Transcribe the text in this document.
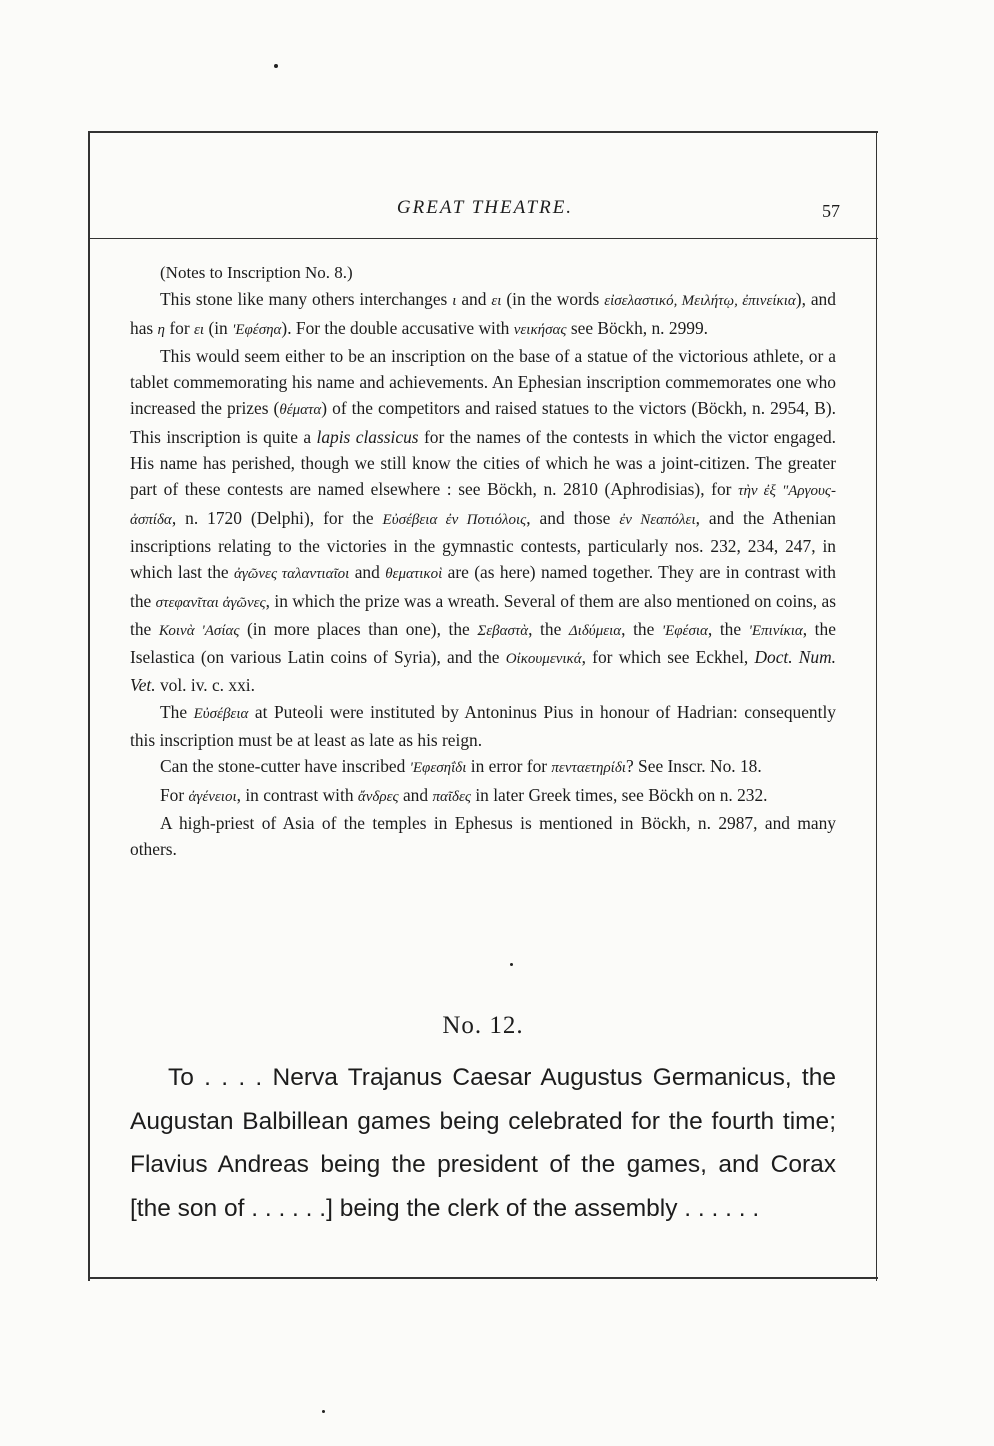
GREAT THEATRE.	57

(Notes to Inscription No. 8.)

This stone like many others interchanges ι and ει (in the words εἰσελαστικό, Μειλήτῳ, ἐπινείκια), and has η for ει (in 'Εφέσηα). For the double accusative with νεικήσας see Böckh, n. 2999.

This would seem either to be an inscription on the base of a statue of the victorious athlete, or a tablet commemorating his name and achievements. An Ephesian inscription commemorates one who increased the prizes (θέματα) of the competitors and raised statues to the victors (Böckh, n. 2954, B). This inscription is quite a lapis classicus for the names of the contests in which the victor engaged. His name has perished, though we still know the cities of which he was a joint-citizen. The greater part of these contests are named elsewhere : see Böckh, n. 2810 (Aphrodisias), for τὴν ἐξ "Αργους-ἀσπίδα, n. 1720 (Delphi), for the Εὐσέβεια ἐν Ποτιόλοις, and those ἐν Νεαπόλει, and the Athenian inscriptions relating to the victories in the gymnastic contests, particularly nos. 232, 234, 247, in which last the ἀγῶνες ταλαντιαῖοι and θεματικοὶ are (as here) named together. They are in contrast with the στεφανῖται ἀγῶνες, in which the prize was a wreath. Several of them are also mentioned on coins, as the Κοινὰ 'Ασίας (in more places than one), the Σεβαστὰ, the Διδύμεια, the 'Εφέσια, the 'Επινίκια, the Iselastica (on various Latin coins of Syria), and the Οἰκουμενικά, for which see Eckhel, Doct. Num. Vet. vol. iv. c. xxi.

The Εὐσέβεια at Puteoli were instituted by Antoninus Pius in honour of Hadrian: consequently this inscription must be at least as late as his reign.

Can the stone-cutter have inscribed 'Εφεσηΐδι in error for πενταετηρίδι? See Inscr. No. 18.

For ἀγένειοι, in contrast with ἄνδρες and παῖδες in later Greek times, see Böckh on n. 232.

A high-priest of Asia of the temples in Ephesus is mentioned in Böckh, n. 2987, and many others.

No. 12.

To . . . . Nerva Trajanus Caesar Augustus Germanicus, the Augustan Balbillean games being celebrated for the fourth time; Flavius Andreas being the president of the games, and Corax [the son of . . . . . .] being the clerk of the assembly . . . . . .
